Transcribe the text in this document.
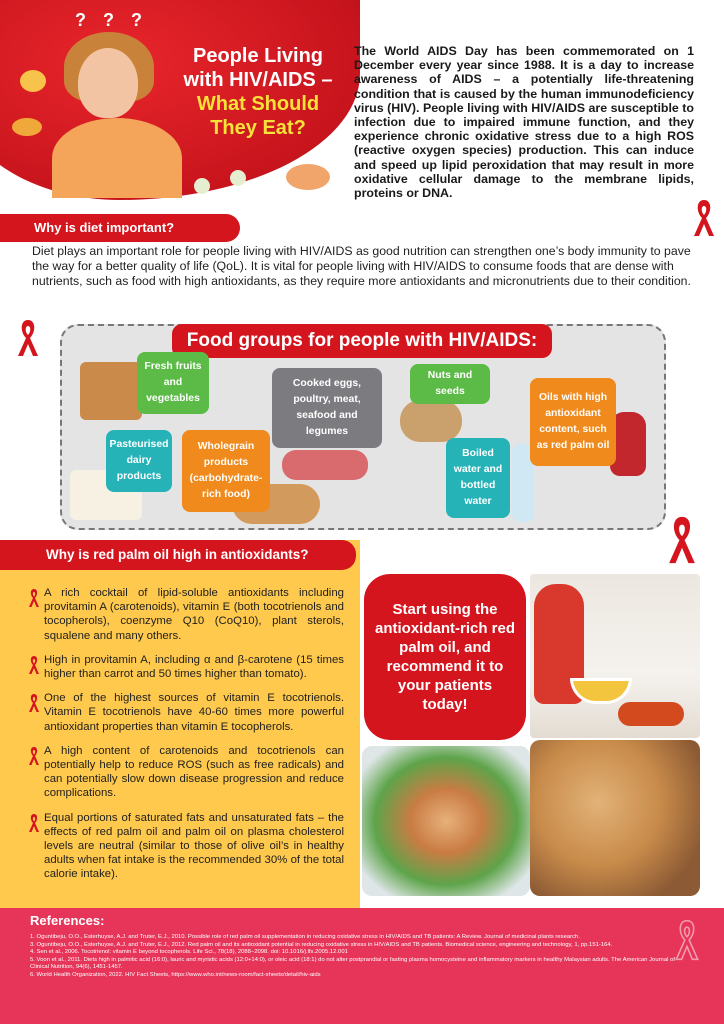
? ? ?
People Living
with HIV/AIDS –
What Should
They Eat?

The World AIDS Day has been commemorated on 1 December every year since 1988. It is a day to increase awareness of AIDS – a potentially life-threatening condition that is caused by the human immunodeficiency virus (HIV). People living with HIV/AIDS are susceptible to infection due to impaired immune function, and they experience chronic oxidative stress due to a high ROS (reactive oxygen species) production. This can induce and speed up lipid peroxidation that may result in more oxidative cellular damage to the membrane lipids, proteins or DNA.

Why is diet important?

Diet plays an important role for people living with HIV/AIDS as good nutrition can strengthen one’s body immunity to pave the way for a better quality of life (QoL). It is vital for people living with HIV/AIDS to consume foods that are dense with nutrients, such as food with high antioxidants, as they require more antioxidants and micronutrients due to their condition.

Food groups for people with HIV/AIDS:
Fresh fruits and vegetables
Pasteurised dairy products
Wholegrain products (carbohydrate-rich food)
Cooked eggs, poultry, meat, seafood and legumes
Nuts and seeds
Boiled water and bottled water
Oils with high antioxidant content, such as red palm oil
Why is red palm oil high in antioxidants?

A rich cocktail of lipid-soluble antioxidants including provitamin A (carotenoids), vitamin E (both tocotrienols and tocopherols), coenzyme Q10 (CoQ10), plant sterols, squalene and many others.

High in provitamin A, including α and β-carotene (15 times higher than carrot and 50 times higher than tomato).

One of the highest sources of vitamin E tocotrienols. Vitamin E tocotrienols have 40-60 times more powerful antioxidant properties than vitamin E tocopherols.

A high content of carotenoids and tocotrienols can potentially help to reduce ROS (such as free radicals) and can potentially slow down disease progression and reduce complications.

Equal portions of saturated fats and unsaturated fats – the effects of red palm oil and palm oil on plasma cholesterol levels are neutral (similar to those of olive oil’s in healthy adults when fat intake is the recommended 30% of the total calorie intake).

Start using the antioxidant-rich red palm oil, and recommend it to your patients today!
References:
1. Oguntibeju, O.O., Esterhuyse, A.J. and Truter, E.J., 2010. Possible role of red palm oil supplementation in reducing oxidative stress in HIV/AIDS and TB patients: A Review. Journal of medicinal plants research.
3. Oguntibeju, O.O., Esterhuyse, A.J. and Truter, E.J., 2012. Red palm oil and its antioxidant potential in reducing oxidative stress in HIV/AIDS and TB patients. Biomedical science, engineering and technology, 1, pp.151-164.
4. Sen et al., 2006. Tocotrienol: vitamin E beyond tocopherols. Life Sci., 78(18), 2088–2098. doi: 10.1016/j.lfs.2005.12.001
5. Voon et al., 2011. Diets high in palmitic acid (16:0), lauric and myristic acids (12:0+14:0), or oleic acid (18:1) do not alter postprandial or fasting plasma homocysteine and inflammatory markers in healthy Malaysian adults. The American Journal of Clinical Nutrition, 94(6), 1451-1457.
6. World Health Organization, 2022. HIV Fact Sheets, https://www.who.int/news-room/fact-sheets/detail/hiv-aids
